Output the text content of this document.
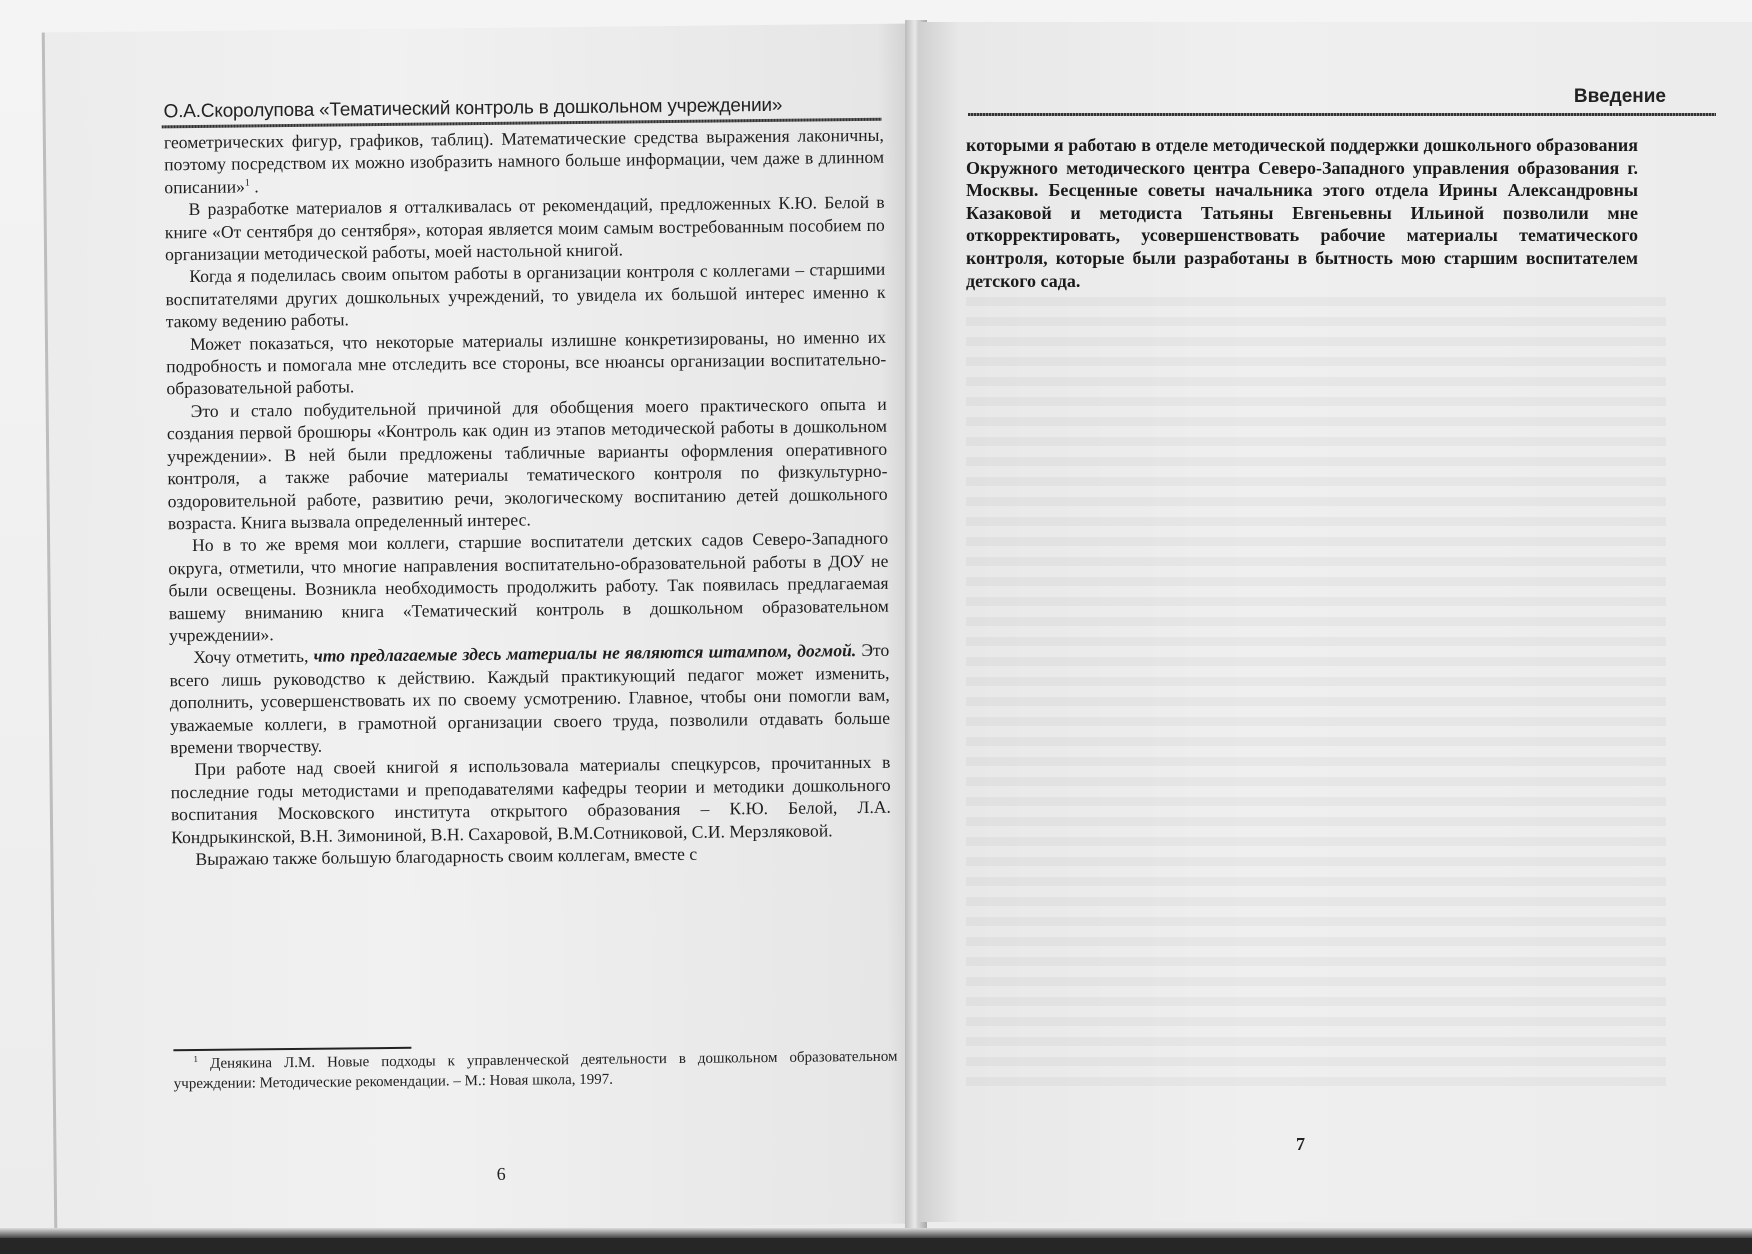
О.А.Скоролупова «Тематический контроль в дошкольном учреждении»

геометрических фигур, графиков, таблиц). Математические средства выражения лаконичны, поэтому посредством их можно изобразить намного больше информации, чем даже в длинном описании»$^1$ .

В разработке материалов я отталкивалась от рекомендаций, предложенных К.Ю. Белой в книге «От сентября до сентября», которая является моим самым востребованным пособием по организации методической работы, моей настольной книгой.

Когда я поделилась своим опытом работы в организации контроля с коллегами – старшими воспитателями других дошкольных учреждений, то увидела их большой интерес именно к такому ведению работы.

Может показаться, что некоторые материалы излишне конкретизированы, но именно их подробность и помогала мне отследить все стороны, все нюансы организации воспитательно-образовательной работы.

Это и стало побудительной причиной для обобщения моего практического опыта и создания первой брошюры «Контроль как один из этапов методической работы в дошкольном учреждении». В ней были предложены табличные варианты оформления оперативного контроля, а также рабочие материалы тематического контроля по физкультурно-оздоровительной работе, развитию речи, экологическому воспитанию детей дошкольного возраста. Книга вызвала определенный интерес.

Но в то же время мои коллеги, старшие воспитатели детских садов Северо-Западного округа, отметили, что многие направления воспитательно-образовательной работы в ДОУ не были освещены. Возникла необходимость продолжить работу. Так появилась предлагаемая вашему вниманию книга «Тематический контроль в дошкольном образовательном учреждении».

Хочу отметить, что предлагаемые здесь материалы не являются штампом, догмой. Это всего лишь руководство к действию. Каждый практикующий педагог может изменить, дополнить, усовершенствовать их по своему усмотрению. Главное, чтобы они помогли вам, уважаемые коллеги, в грамотной организации своего труда, позволили отдавать больше времени творчеству.

При работе над своей книгой я использовала материалы спецкурсов, прочитанных в последние годы методистами и преподавателями кафедры теории и методики дошкольного воспитания Московского института открытого образования – К.Ю. Белой, Л.А. Кондрыкинской, В.Н. Зимониной, В.Н. Сахаровой, В.М.Сотниковой, С.И. Мерзляковой.

Выражаю также большую благодарность своим коллегам, вместе с

$^1$ Денякина Л.М. Новые подходы к управленческой деятельности в дошкольном образовательном учреждении: Методические рекомендации. – М.: Новая школа, 1997.

6
Введение

которыми я работаю в отделе методической поддержки дошкольного образования Окружного методического центра Северо-Западного управления образования г. Москвы. Бесценные советы начальника этого отдела Ирины Александровны Казаковой и методиста Татьяны Евгеньевны Ильиной позволили мне откорректировать, усовершенствовать рабочие материалы тематического контроля, которые были разработаны в бытность мою старшим воспитателем детского сада.

7
